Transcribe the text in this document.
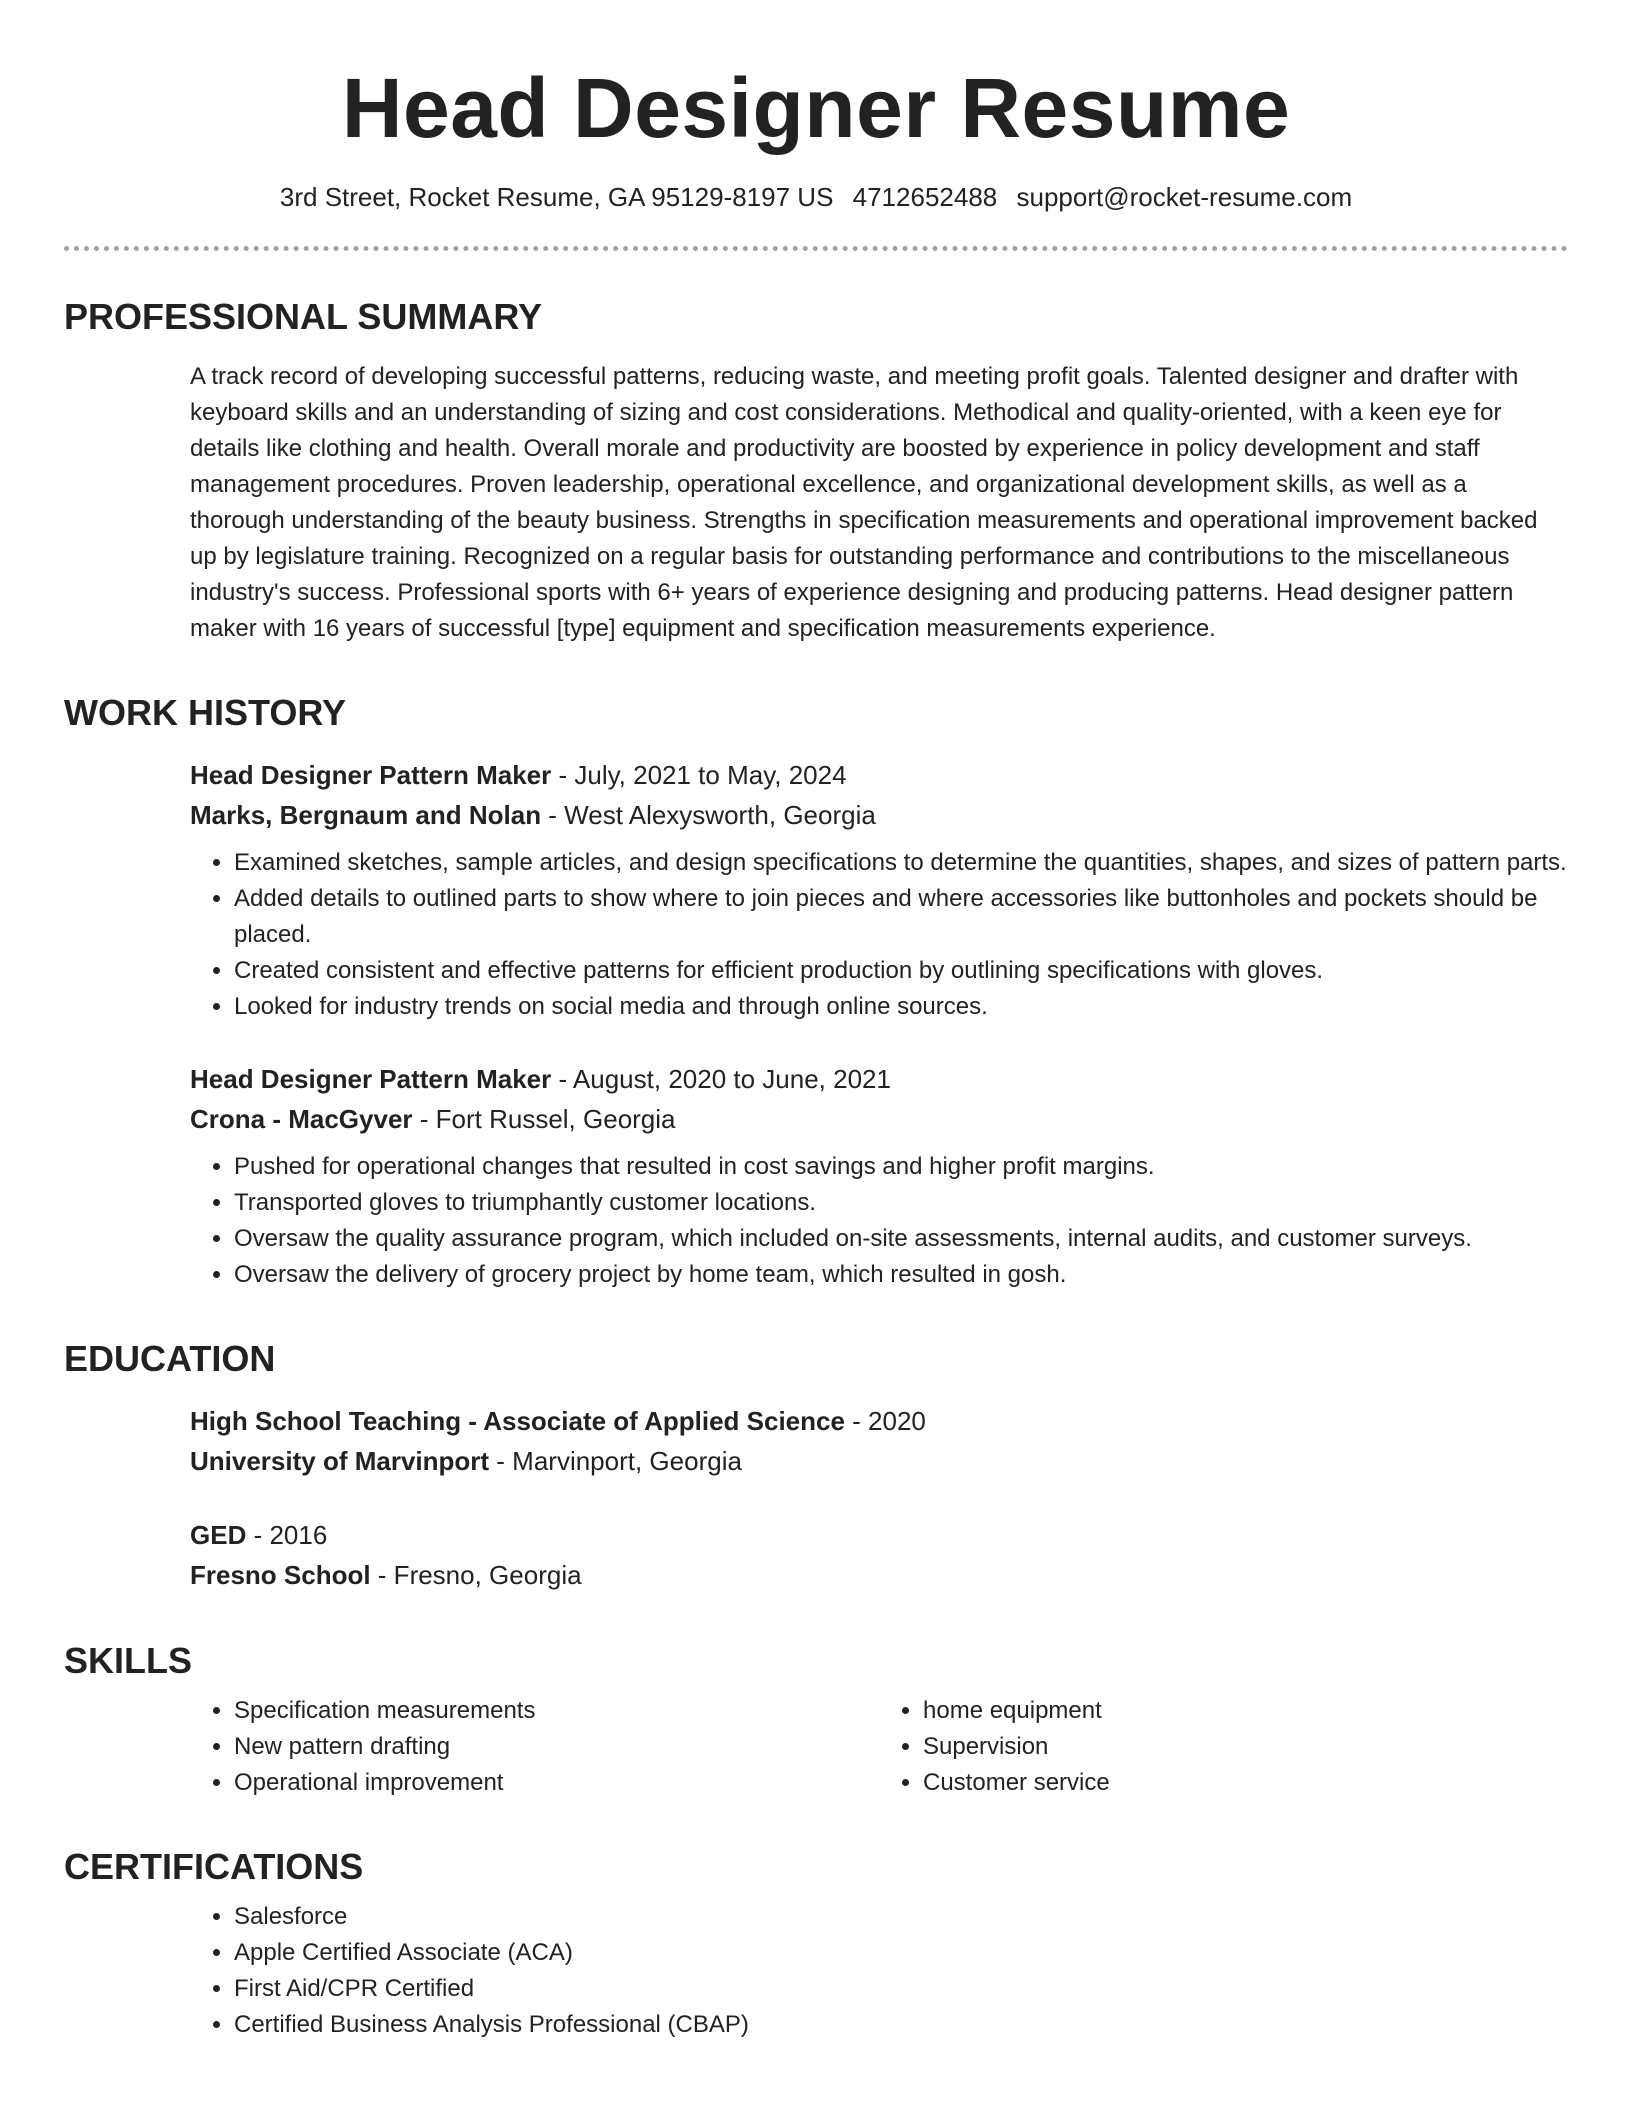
Head Designer Resume
3rd Street, Rocket Resume, GA 95129-8197 US 4712652488 support@rocket-resume.com
PROFESSIONAL SUMMARY
A track record of developing successful patterns, reducing waste, and meeting profit goals. Talented designer and drafter with keyboard skills and an understanding of sizing and cost considerations. Methodical and quality-oriented, with a keen eye for details like clothing and health. Overall morale and productivity are boosted by experience in policy development and staff management procedures. Proven leadership, operational excellence, and organizational development skills, as well as a thorough understanding of the beauty business. Strengths in specification measurements and operational improvement backed up by legislature training. Recognized on a regular basis for outstanding performance and contributions to the miscellaneous industry's success. Professional sports with 6+ years of experience designing and producing patterns. Head designer pattern maker with 16 years of successful [type] equipment and specification measurements experience.
WORK HISTORY
Head Designer Pattern Maker - July, 2021 to May, 2024
Marks, Bergnaum and Nolan - West Alexysworth, Georgia
• Examined sketches, sample articles, and design specifications to determine the quantities, shapes, and sizes of pattern parts.
• Added details to outlined parts to show where to join pieces and where accessories like buttonholes and pockets should be placed.
• Created consistent and effective patterns for efficient production by outlining specifications with gloves.
• Looked for industry trends on social media and through online sources.
Head Designer Pattern Maker - August, 2020 to June, 2021
Crona - MacGyver - Fort Russel, Georgia
• Pushed for operational changes that resulted in cost savings and higher profit margins.
• Transported gloves to triumphantly customer locations.
• Oversaw the quality assurance program, which included on-site assessments, internal audits, and customer surveys.
• Oversaw the delivery of grocery project by home team, which resulted in gosh.
EDUCATION
High School Teaching - Associate of Applied Science - 2020
University of Marvinport - Marvinport, Georgia
GED - 2016
Fresno School - Fresno, Georgia
SKILLS
• Specification measurements
• New pattern drafting
• Operational improvement
• home equipment
• Supervision
• Customer service
CERTIFICATIONS
• Salesforce
• Apple Certified Associate (ACA)
• First Aid/CPR Certified
• Certified Business Analysis Professional (CBAP)
